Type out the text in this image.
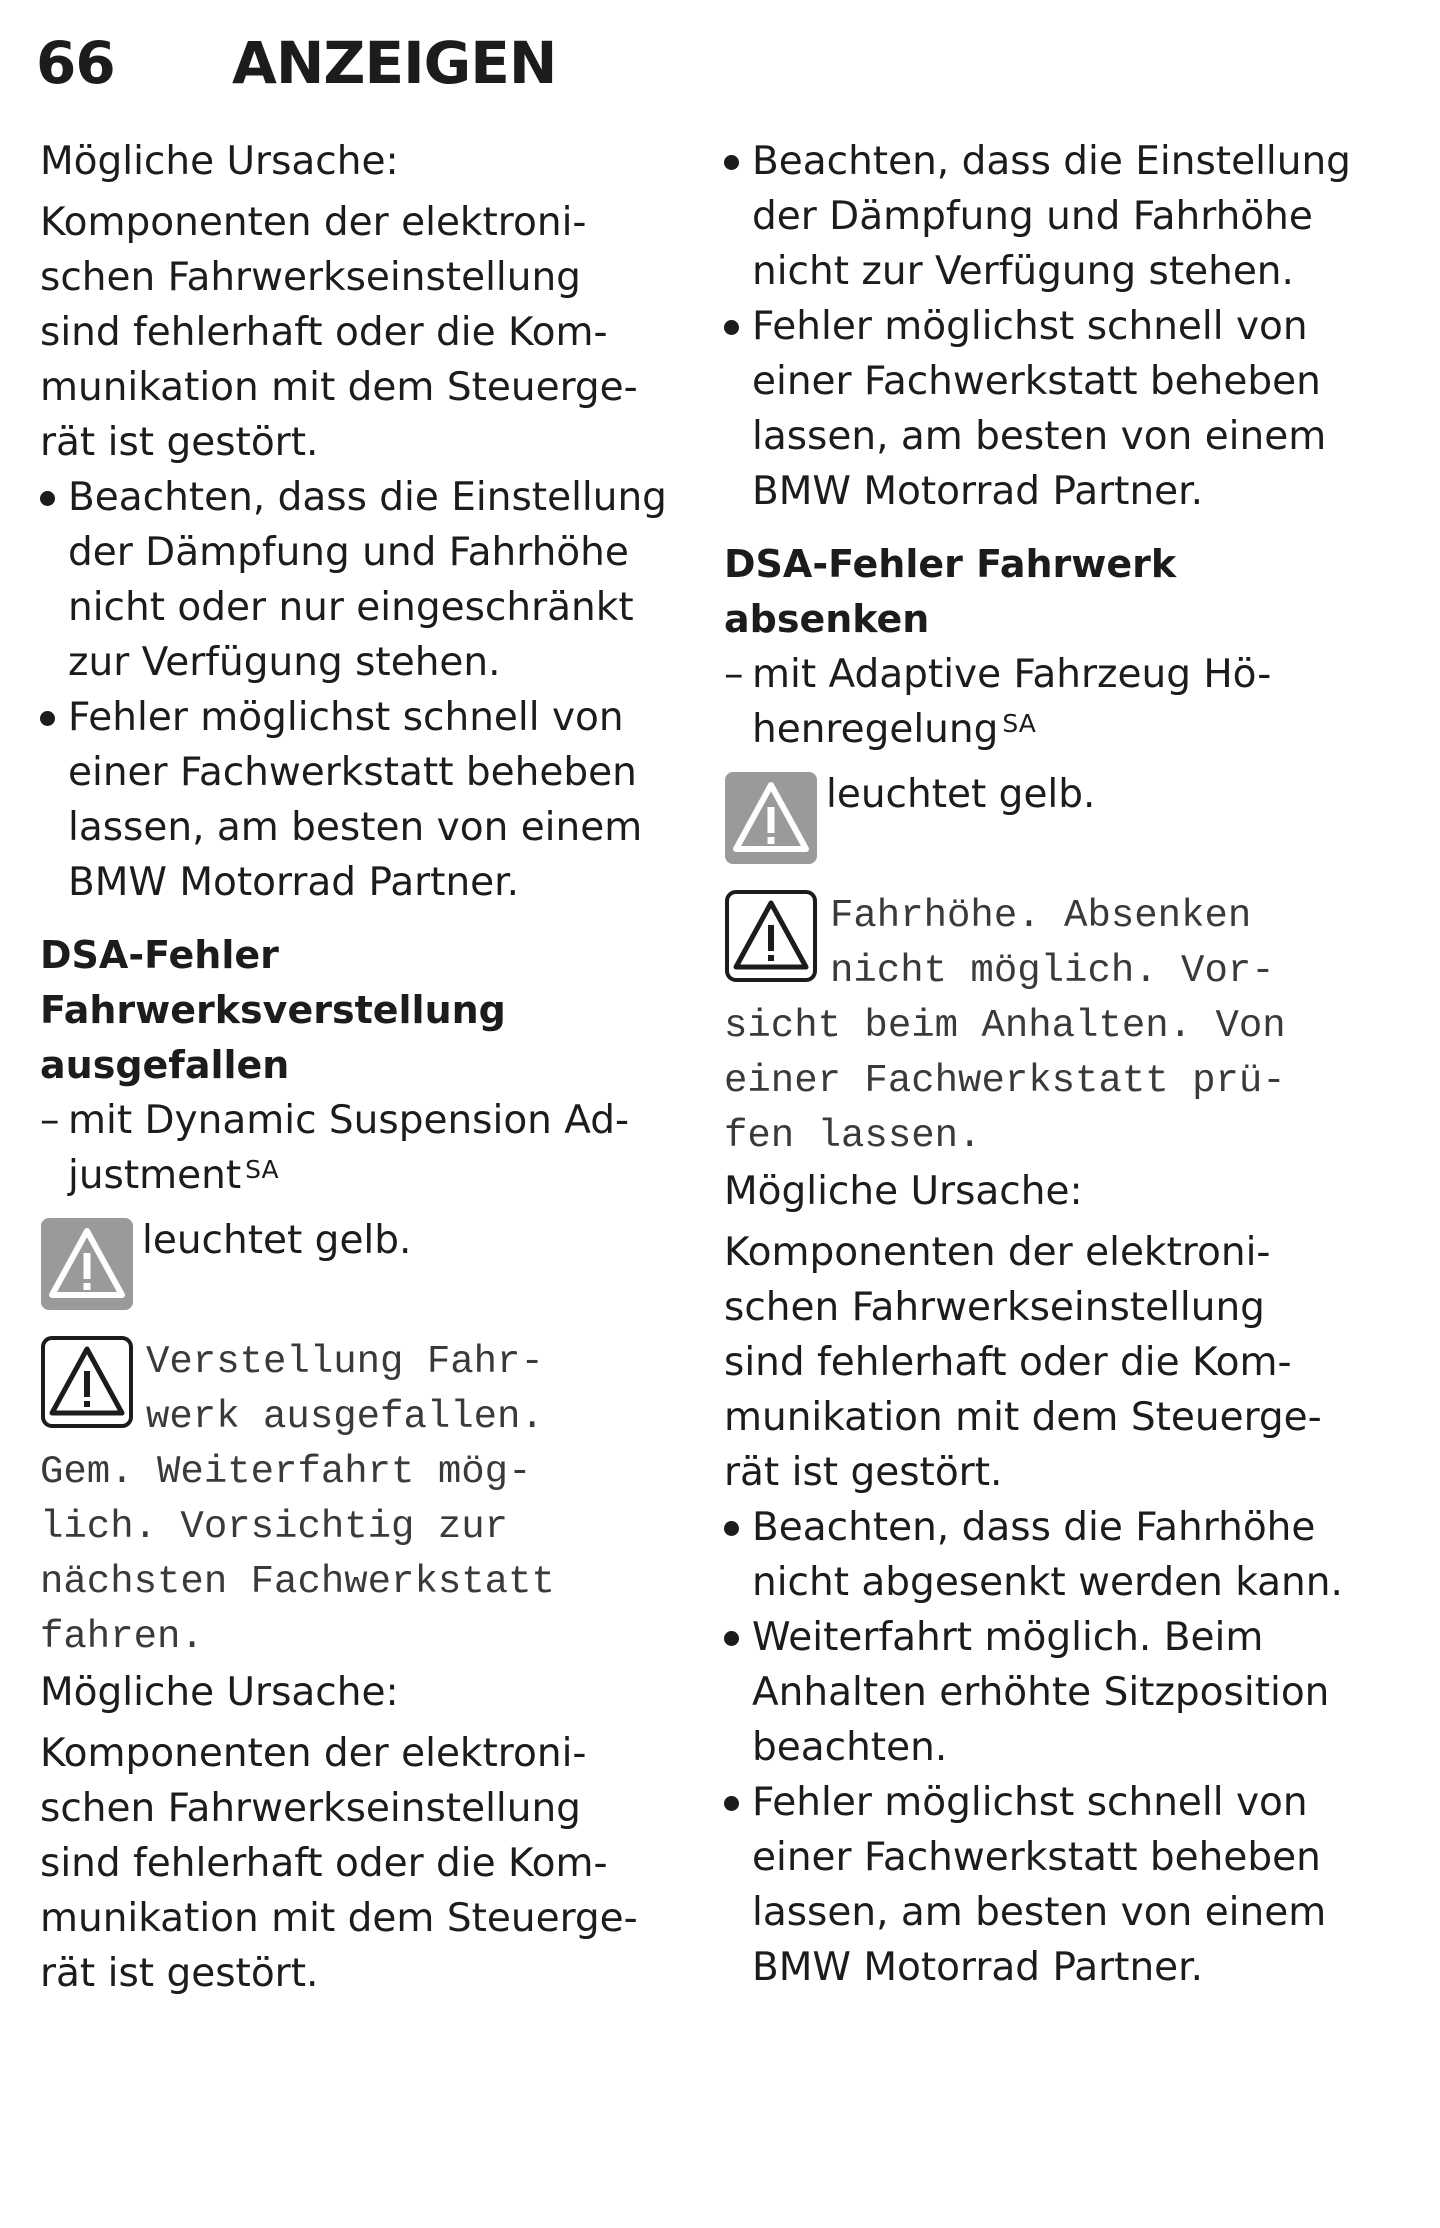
66	ANZEIGEN

Mögliche Ursache:

Komponenten der elektroni-

schen Fahrwerkseinstellung

sind fehlerhaft oder die Kom-

munikation mit dem Steuerge-

rät ist gestört.

Beachten, dass die Einstellung

der Dämpfung und Fahrhöhe

nicht oder nur eingeschränkt

zur Verfügung stehen.

Fehler möglichst schnell von

einer Fachwerkstatt beheben

lassen, am besten von einem

BMW Motorrad Partner.

DSA-Fehler

Fahrwerksverstellung

ausgefallen

– mit Dynamic Suspension Ad-

justment $^{SA}$

leuchtet gelb.

Verstellung Fahr-

werk ausgefallen.

Gem. Weiterfahrt mög-

lich. Vorsichtig zur

nächsten Fachwerkstatt

fahren.

Mögliche Ursache:

Komponenten der elektroni-

schen Fahrwerkseinstellung

sind fehlerhaft oder die Kom-

munikation mit dem Steuerge-

rät ist gestört.

Beachten, dass die Einstellung

der Dämpfung und Fahrhöhe

nicht zur Verfügung stehen.

Fehler möglichst schnell von

einer Fachwerkstatt beheben

lassen, am besten von einem

BMW Motorrad Partner.

DSA-Fehler Fahrwerk

absenken

– mit Adaptive Fahrzeug Hö-

henregelung $^{SA}$

leuchtet gelb.

Fahrhöhe. Absenken

nicht möglich. Vor-

sicht beim Anhalten. Von

einer Fachwerkstatt prü-

fen lassen.

Mögliche Ursache:

Komponenten der elektroni-

schen Fahrwerkseinstellung

sind fehlerhaft oder die Kom-

munikation mit dem Steuerge-

rät ist gestört.

Beachten, dass die Fahrhöhe

nicht abgesenkt werden kann.

Weiterfahrt möglich. Beim

Anhalten erhöhte Sitzposition

beachten.

Fehler möglichst schnell von

einer Fachwerkstatt beheben

lassen, am besten von einem

BMW Motorrad Partner.
